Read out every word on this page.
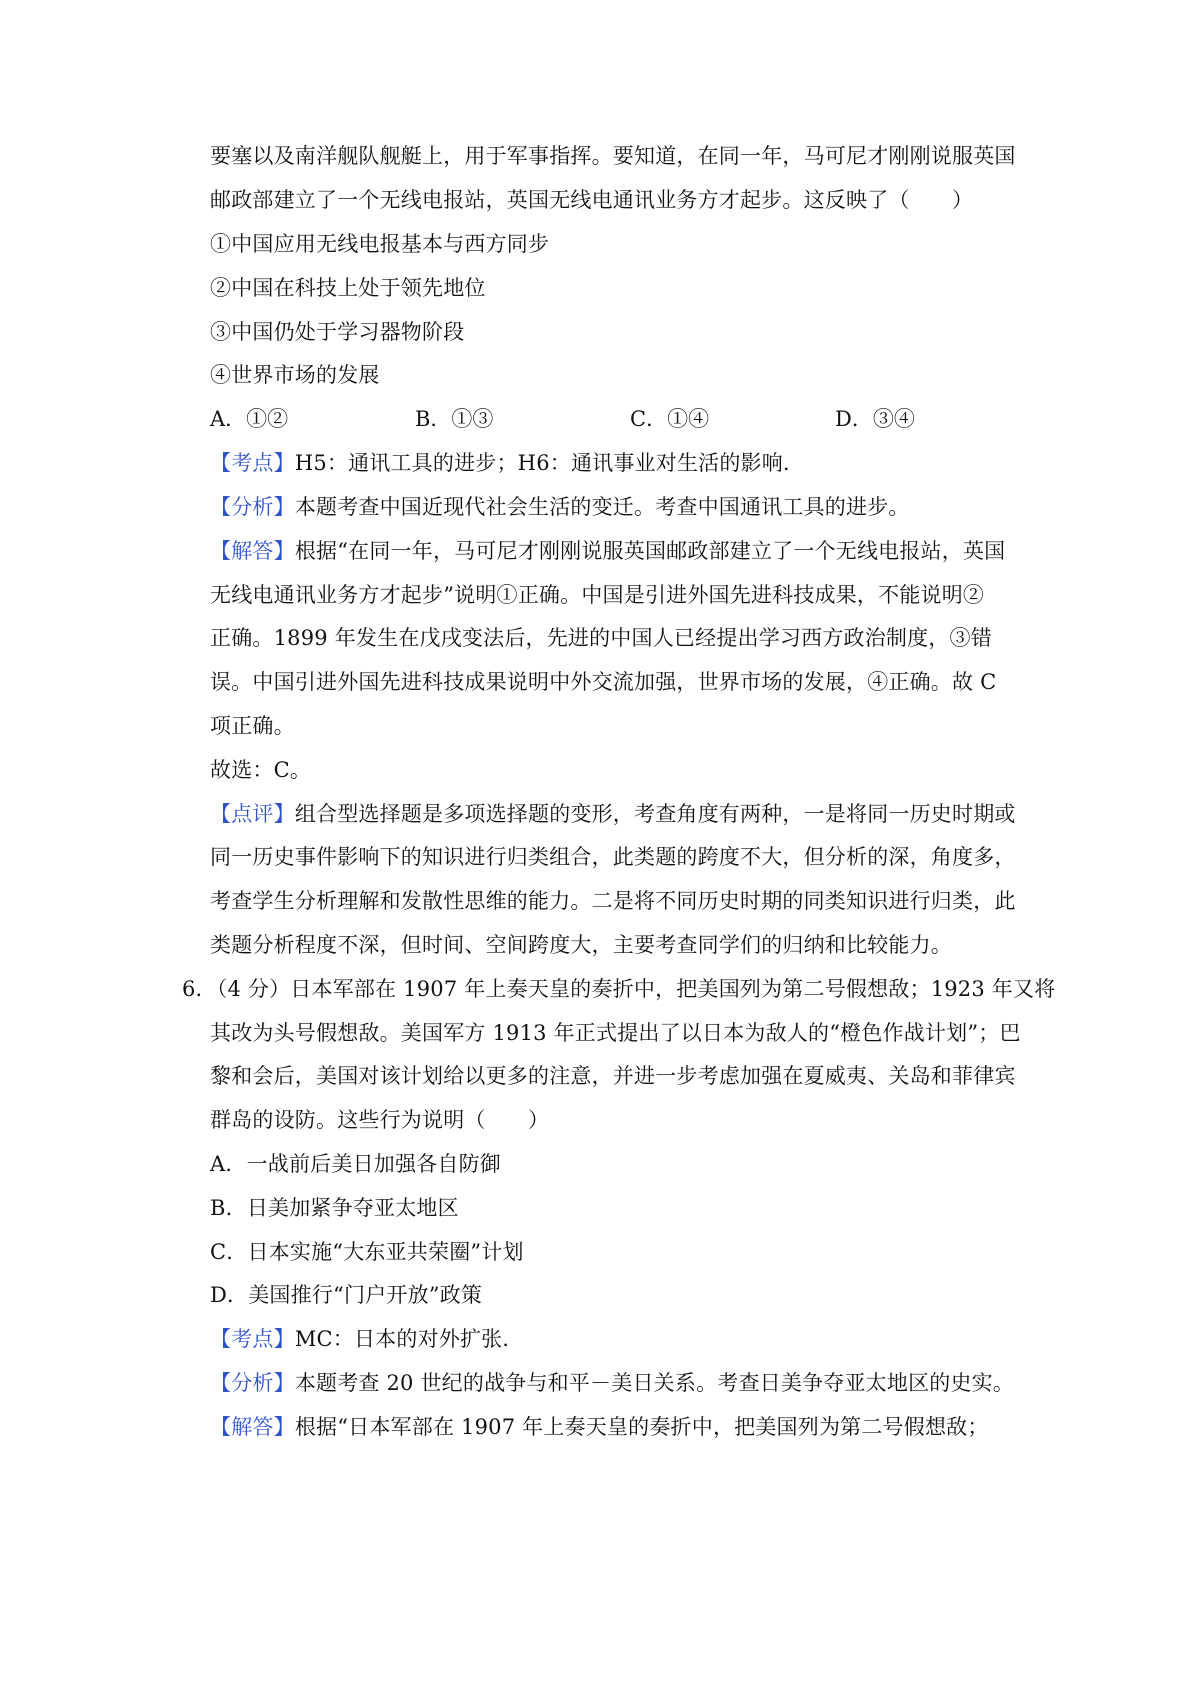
要塞以及南洋舰队舰艇上，用于军事指挥。要知道，在同一年，马可尼才刚刚说服英国
邮政部建立了一个无线电报站，英国无线电通讯业务方才起步。这反映了（　　）
①中国应用无线电报基本与西方同步
②中国在科技上处于领先地位
③中国仍处于学习器物阶段
④世界市场的发展
A．①②	B．①③	C．①④	D．③④
【考点】H5：通讯工具的进步；H6：通讯事业对生活的影响．
【分析】本题考查中国近现代社会生活的变迁。考查中国通讯工具的进步。
【解答】根据“在同一年，马可尼才刚刚说服英国邮政部建立了一个无线电报站，英国
无线电通讯业务方才起步”说明①正确。中国是引进外国先进科技成果，不能说明②
正确。1899 年发生在戊戌变法后，先进的中国人已经提出学习西方政治制度，③错
误。中国引进外国先进科技成果说明中外交流加强，世界市场的发展，④正确。故 C
项正确。
故选：C。
【点评】组合型选择题是多项选择题的变形，考查角度有两种，一是将同一历史时期或
同一历史事件影响下的知识进行归类组合，此类题的跨度不大，但分析的深，角度多，
考查学生分析理解和发散性思维的能力。二是将不同历史时期的同类知识进行归类，此
类题分析程度不深，但时间、空间跨度大，主要考查同学们的归纳和比较能力。
6．（4 分）日本军部在 1907 年上奏天皇的奏折中，把美国列为第二号假想敌；1923 年又将
其改为头号假想敌。美国军方 1913 年正式提出了以日本为敌人的“橙色作战计划”；巴
黎和会后，美国对该计划给以更多的注意，并进一步考虑加强在夏威夷、关岛和菲律宾
群岛的设防。这些行为说明（　　）
A．一战前后美日加强各自防御
B．日美加紧争夺亚太地区
C．日本实施“大东亚共荣圈”计划
D．美国推行“门户开放”政策
【考点】MC：日本的对外扩张．
【分析】本题考查 20 世纪的战争与和平－美日关系。考查日美争夺亚太地区的史实。
【解答】根据“日本军部在 1907 年上奏天皇的奏折中，把美国列为第二号假想敌；
